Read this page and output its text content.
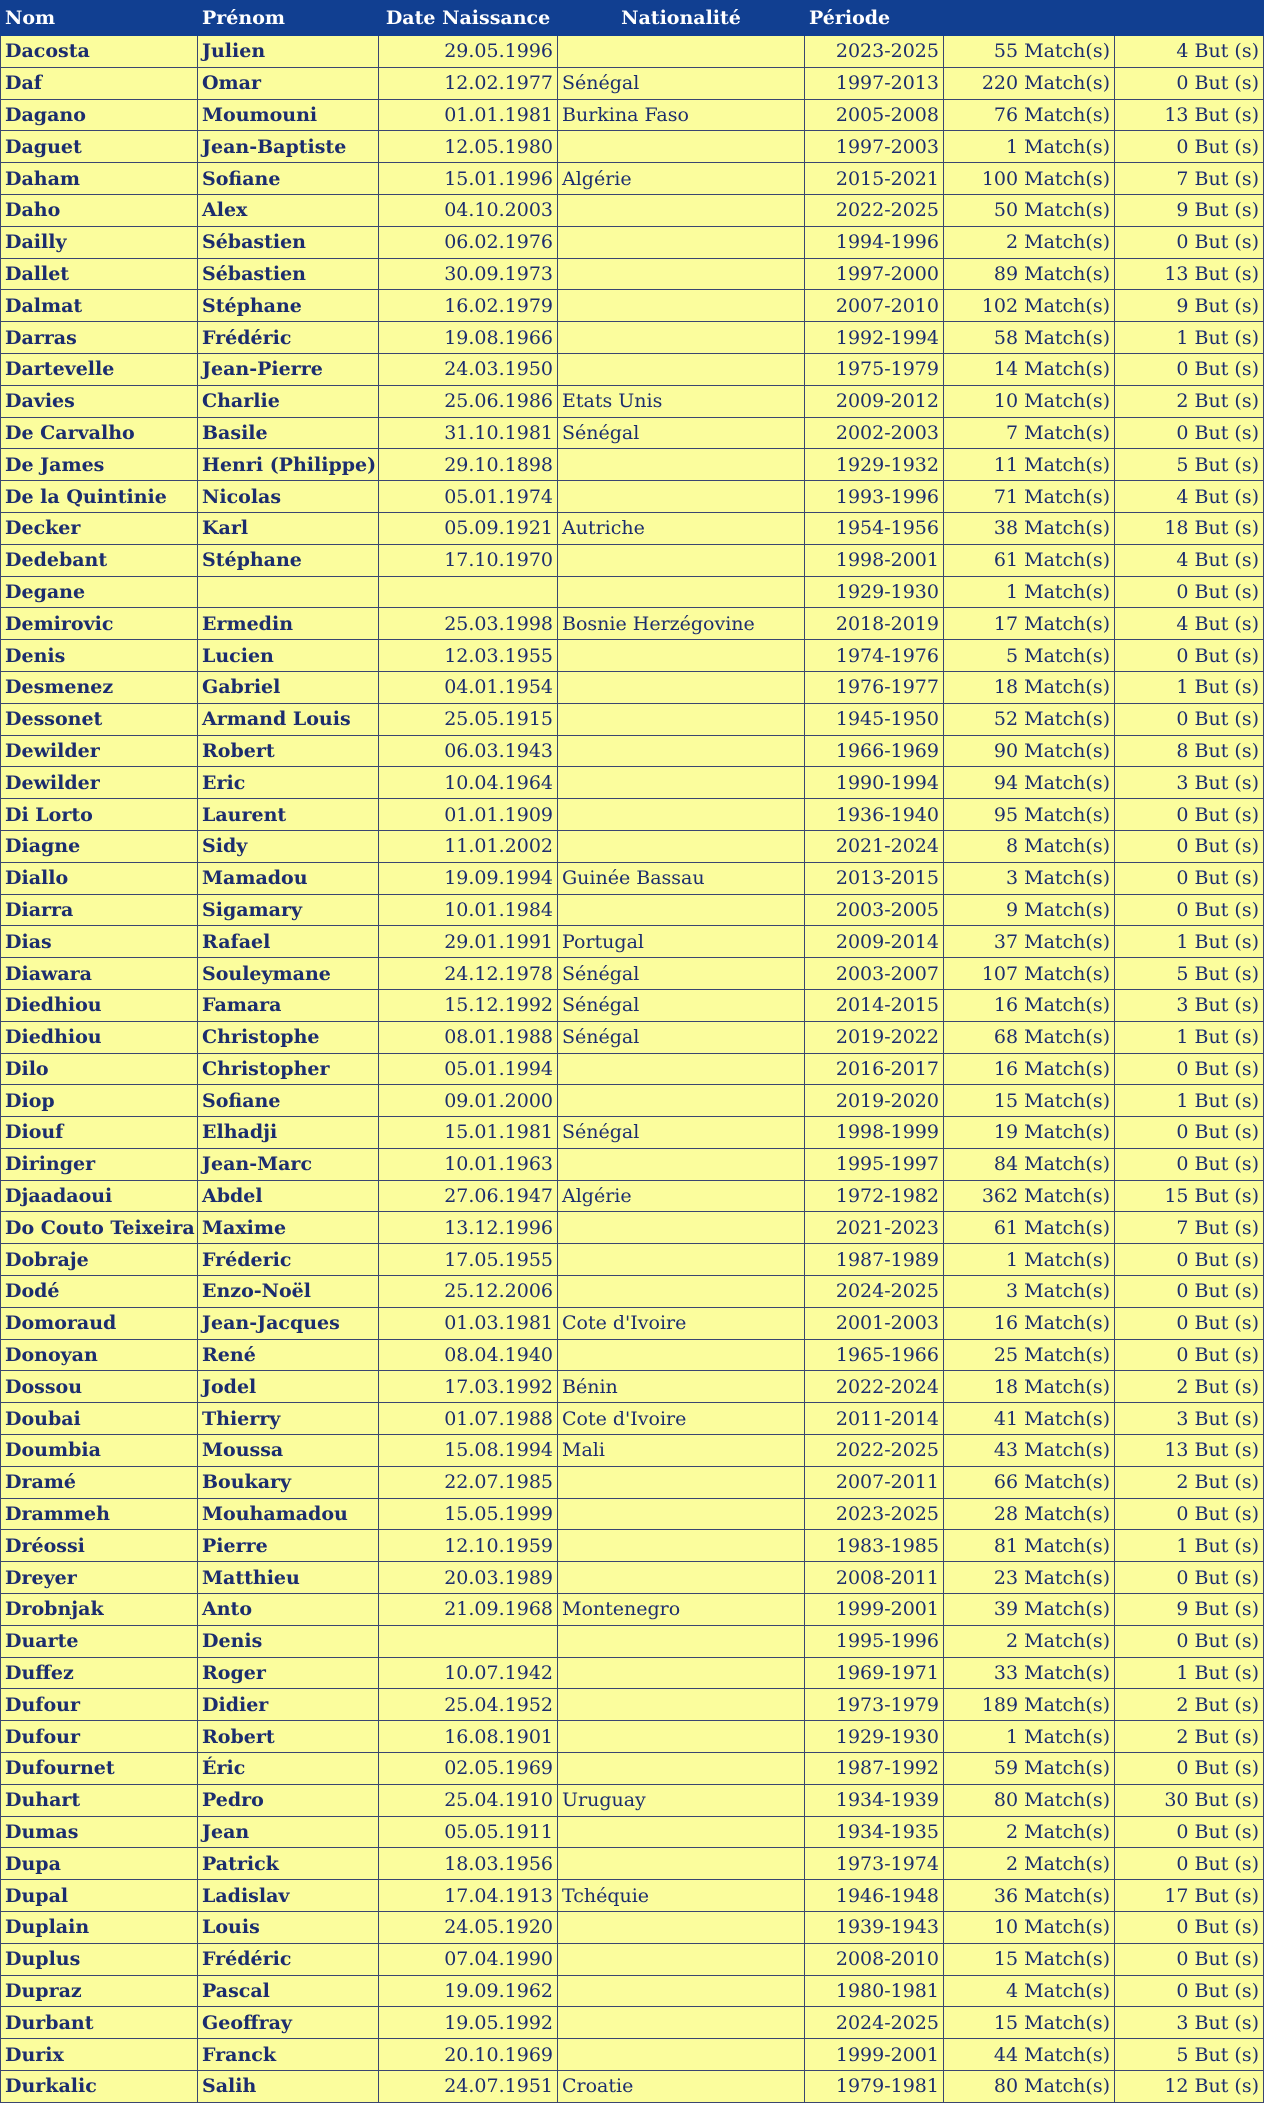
Nom	Prénom	Date Naissance	Nationalité	Période		
Dacosta	Julien	29.05.1996		2023-2025	55 Match(s)	4 But (s)
Daf	Omar	12.02.1977	Sénégal	1997-2013	220 Match(s)	0 But (s)
Dagano	Moumouni	01.01.1981	Burkina Faso	2005-2008	76 Match(s)	13 But (s)
Daguet	Jean-Baptiste	12.05.1980		1997-2003	1 Match(s)	0 But (s)
Daham	Sofiane	15.01.1996	Algérie	2015-2021	100 Match(s)	7 But (s)
Daho	Alex	04.10.2003		2022-2025	50 Match(s)	9 But (s)
Dailly	Sébastien	06.02.1976		1994-1996	2 Match(s)	0 But (s)
Dallet	Sébastien	30.09.1973		1997-2000	89 Match(s)	13 But (s)
Dalmat	Stéphane	16.02.1979		2007-2010	102 Match(s)	9 But (s)
Darras	Frédéric	19.08.1966		1992-1994	58 Match(s)	1 But (s)
Dartevelle	Jean-Pierre	24.03.1950		1975-1979	14 Match(s)	0 But (s)
Davies	Charlie	25.06.1986	Etats Unis	2009-2012	10 Match(s)	2 But (s)
De Carvalho	Basile	31.10.1981	Sénégal	2002-2003	7 Match(s)	0 But (s)
De James	Henri (Philippe)	29.10.1898		1929-1932	11 Match(s)	5 But (s)
De la Quintinie	Nicolas	05.01.1974		1993-1996	71 Match(s)	4 But (s)
Decker	Karl	05.09.1921	Autriche	1954-1956	38 Match(s)	18 But (s)
Dedebant	Stéphane	17.10.1970		1998-2001	61 Match(s)	4 But (s)
Degane				1929-1930	1 Match(s)	0 But (s)
Demirovic	Ermedin	25.03.1998	Bosnie Herzégovine	2018-2019	17 Match(s)	4 But (s)
Denis	Lucien	12.03.1955		1974-1976	5 Match(s)	0 But (s)
Desmenez	Gabriel	04.01.1954		1976-1977	18 Match(s)	1 But (s)
Dessonet	Armand Louis	25.05.1915		1945-1950	52 Match(s)	0 But (s)
Dewilder	Robert	06.03.1943		1966-1969	90 Match(s)	8 But (s)
Dewilder	Eric	10.04.1964		1990-1994	94 Match(s)	3 But (s)
Di Lorto	Laurent	01.01.1909		1936-1940	95 Match(s)	0 But (s)
Diagne	Sidy	11.01.2002		2021-2024	8 Match(s)	0 But (s)
Diallo	Mamadou	19.09.1994	Guinée Bassau	2013-2015	3 Match(s)	0 But (s)
Diarra	Sigamary	10.01.1984		2003-2005	9 Match(s)	0 But (s)
Dias	Rafael	29.01.1991	Portugal	2009-2014	37 Match(s)	1 But (s)
Diawara	Souleymane	24.12.1978	Sénégal	2003-2007	107 Match(s)	5 But (s)
Diedhiou	Famara	15.12.1992	Sénégal	2014-2015	16 Match(s)	3 But (s)
Diedhiou	Christophe	08.01.1988	Sénégal	2019-2022	68 Match(s)	1 But (s)
Dilo	Christopher	05.01.1994		2016-2017	16 Match(s)	0 But (s)
Diop	Sofiane	09.01.2000		2019-2020	15 Match(s)	1 But (s)
Diouf	Elhadji	15.01.1981	Sénégal	1998-1999	19 Match(s)	0 But (s)
Diringer	Jean-Marc	10.01.1963		1995-1997	84 Match(s)	0 But (s)
Djaadaoui	Abdel	27.06.1947	Algérie	1972-1982	362 Match(s)	15 But (s)
Do Couto Teixeira	Maxime	13.12.1996		2021-2023	61 Match(s)	7 But (s)
Dobraje	Fréderic	17.05.1955		1987-1989	1 Match(s)	0 But (s)
Dodé	Enzo-Noël	25.12.2006		2024-2025	3 Match(s)	0 But (s)
Domoraud	Jean-Jacques	01.03.1981	Cote d'Ivoire	2001-2003	16 Match(s)	0 But (s)
Donoyan	René	08.04.1940		1965-1966	25 Match(s)	0 But (s)
Dossou	Jodel	17.03.1992	Bénin	2022-2024	18 Match(s)	2 But (s)
Doubai	Thierry	01.07.1988	Cote d'Ivoire	2011-2014	41 Match(s)	3 But (s)
Doumbia	Moussa	15.08.1994	Mali	2022-2025	43 Match(s)	13 But (s)
Dramé	Boukary	22.07.1985		2007-2011	66 Match(s)	2 But (s)
Drammeh	Mouhamadou	15.05.1999		2023-2025	28 Match(s)	0 But (s)
Dréossi	Pierre	12.10.1959		1983-1985	81 Match(s)	1 But (s)
Dreyer	Matthieu	20.03.1989		2008-2011	23 Match(s)	0 But (s)
Drobnjak	Anto	21.09.1968	Montenegro	1999-2001	39 Match(s)	9 But (s)
Duarte	Denis			1995-1996	2 Match(s)	0 But (s)
Duffez	Roger	10.07.1942		1969-1971	33 Match(s)	1 But (s)
Dufour	Didier	25.04.1952		1973-1979	189 Match(s)	2 But (s)
Dufour	Robert	16.08.1901		1929-1930	1 Match(s)	2 But (s)
Dufournet	Éric	02.05.1969		1987-1992	59 Match(s)	0 But (s)
Duhart	Pedro	25.04.1910	Uruguay	1934-1939	80 Match(s)	30 But (s)
Dumas	Jean	05.05.1911		1934-1935	2 Match(s)	0 But (s)
Dupa	Patrick	18.03.1956		1973-1974	2 Match(s)	0 But (s)
Dupal	Ladislav	17.04.1913	Tchéquie	1946-1948	36 Match(s)	17 But (s)
Duplain	Louis	24.05.1920		1939-1943	10 Match(s)	0 But (s)
Duplus	Frédéric	07.04.1990		2008-2010	15 Match(s)	0 But (s)
Dupraz	Pascal	19.09.1962		1980-1981	4 Match(s)	0 But (s)
Durbant	Geoffray	19.05.1992		2024-2025	15 Match(s)	3 But (s)
Durix	Franck	20.10.1969		1999-2001	44 Match(s)	5 But (s)
Durkalic	Salih	24.07.1951	Croatie	1979-1981	80 Match(s)	12 But (s)
